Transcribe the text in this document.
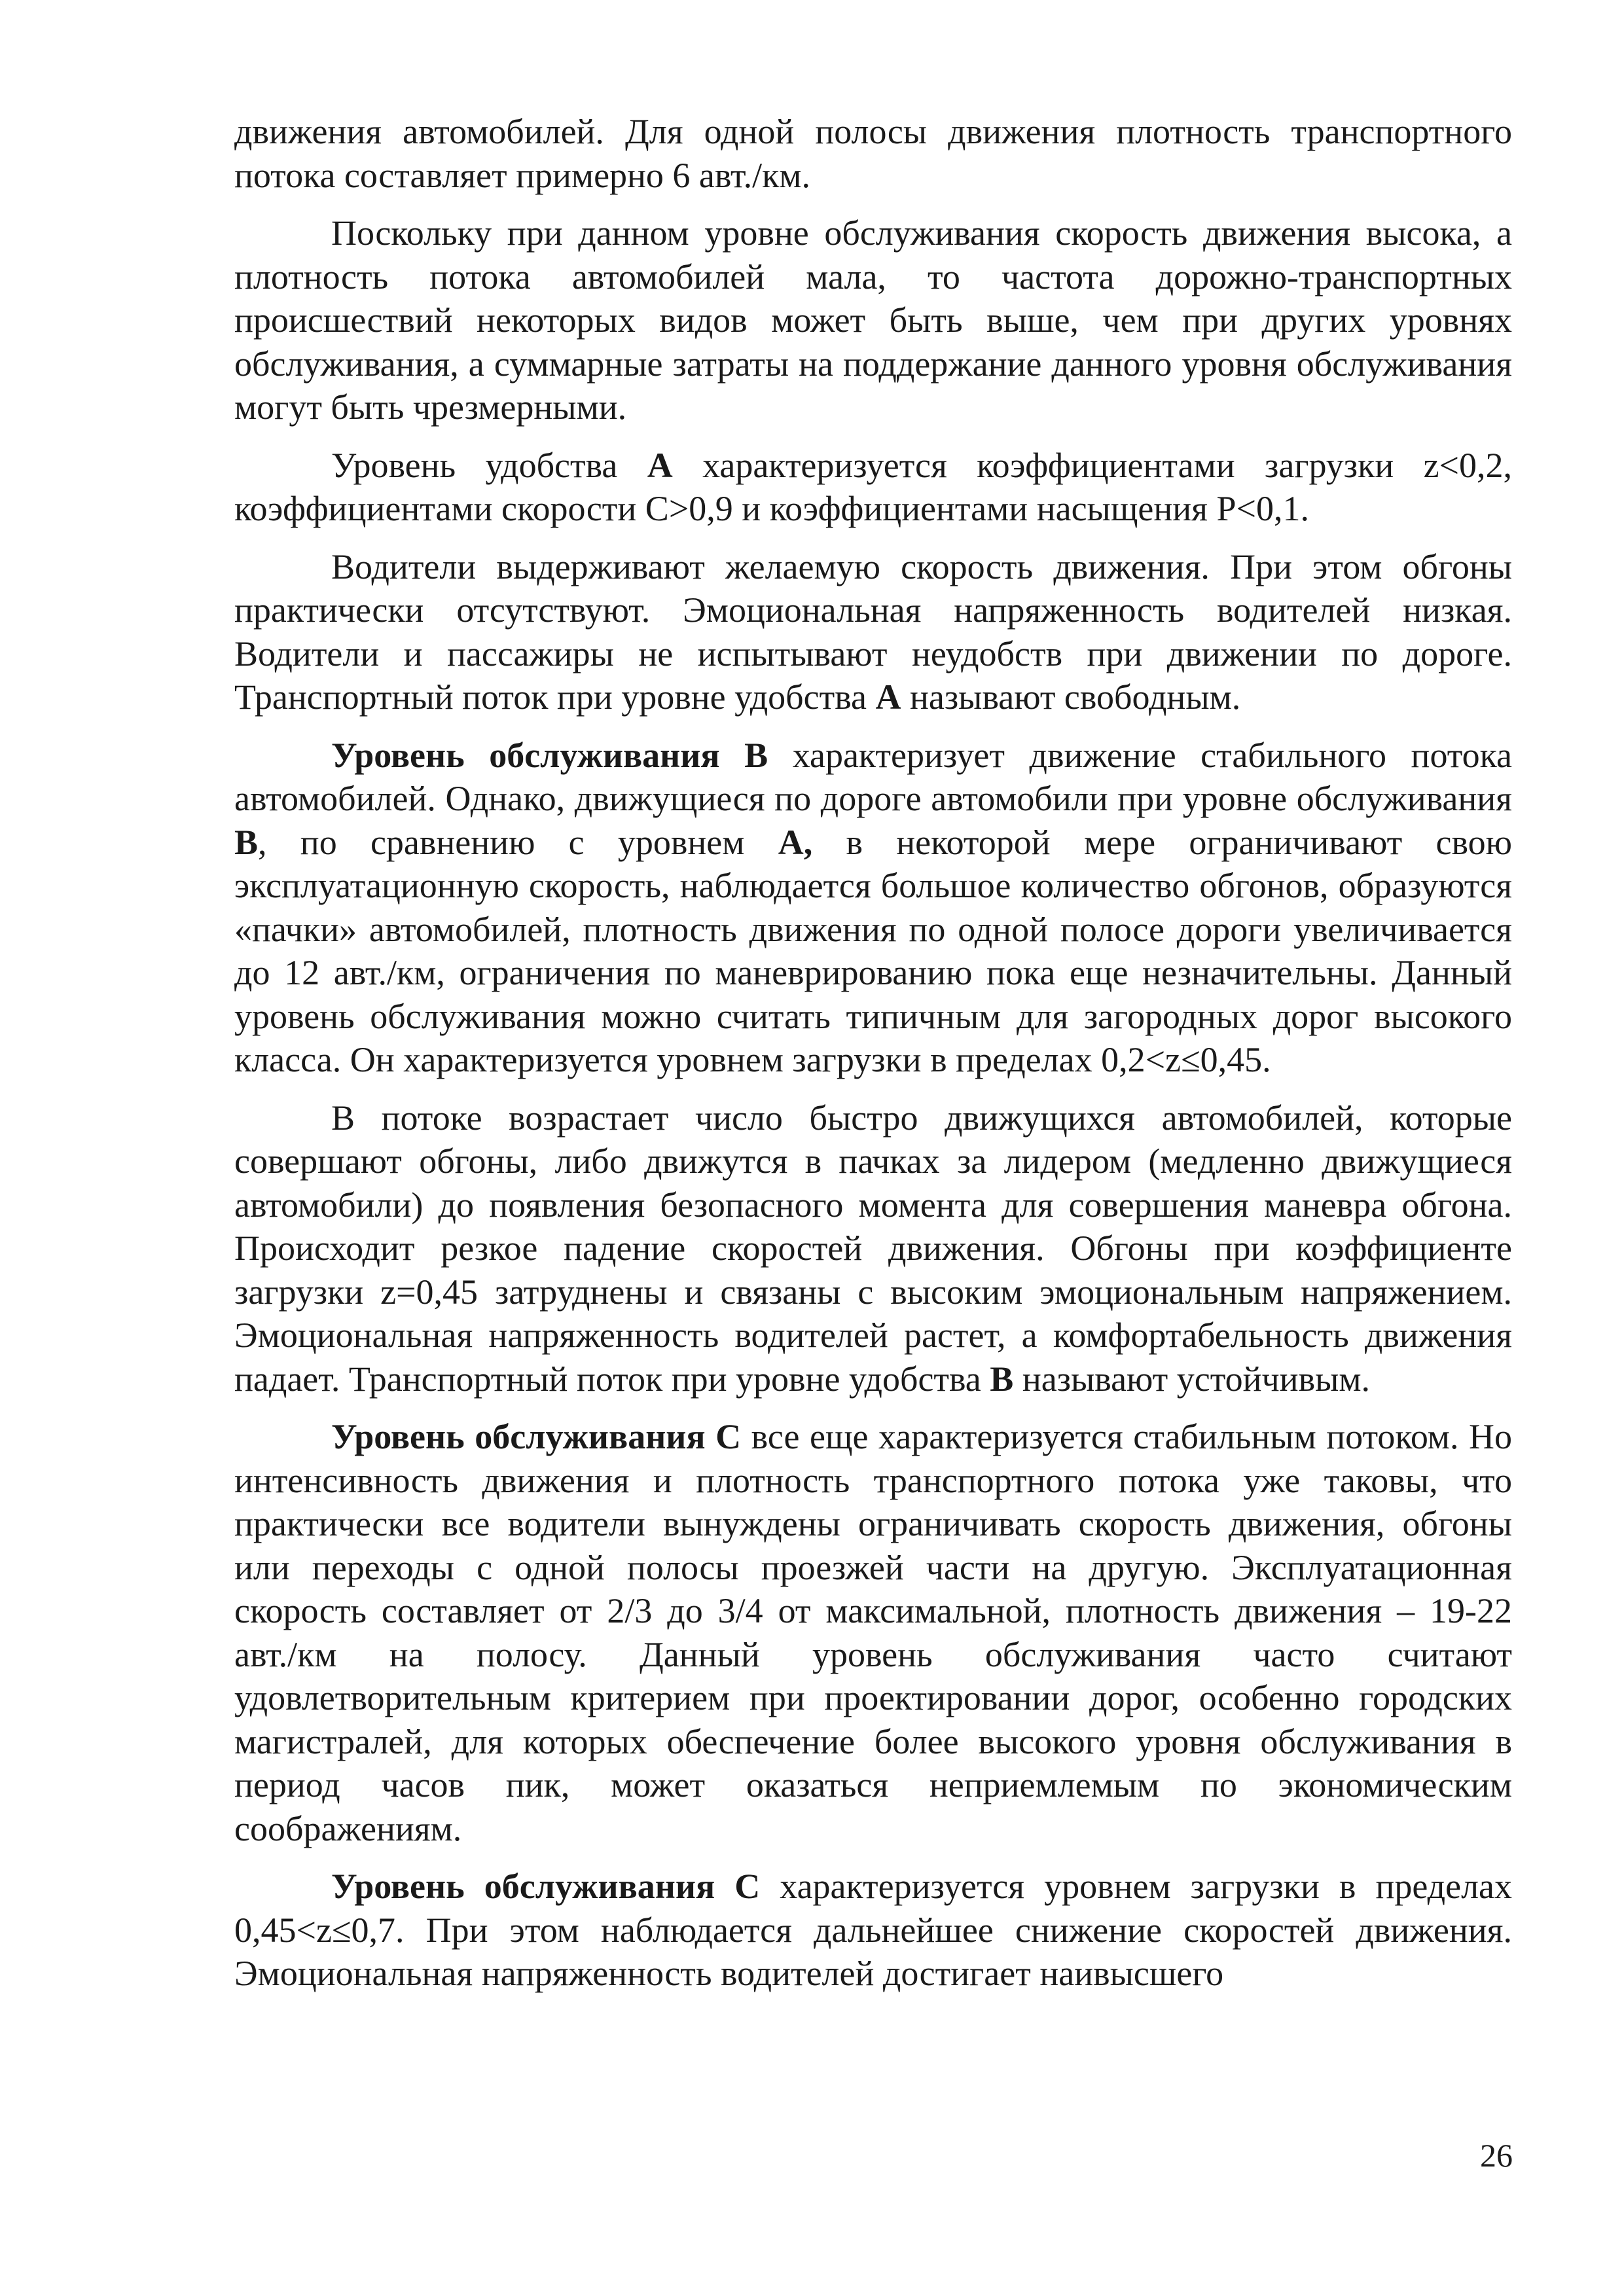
движения автомобилей. Для одной полосы движения плотность транспортного потока составляет примерно 6 авт./км.

Поскольку при данном уровне обслуживания скорость движения высока, а плотность потока автомобилей мала, то частота дорожно-транспортных происшествий некоторых видов может быть выше, чем при других уровнях обслуживания, а суммарные затраты на поддержание данного уровня обслуживания могут быть чрезмерными.

Уровень удобства А характеризуется коэффициентами загрузки z<0,2, коэффициентами скорости C>0,9 и коэффициентами насыщения Р<0,1.

Водители выдерживают желаемую скорость движения. При этом обгоны практически отсутствуют. Эмоциональная напряженность водителей низкая. Водители и пассажиры не испытывают неудобств при движении по дороге. Транспортный поток при уровне удобства А называют свободным.

Уровень обслуживания В характеризует движение стабильного потока автомобилей. Однако, движущиеся по дороге автомобили при уровне обслуживания В, по сравнению с уровнем А, в некоторой мере ограничивают свою эксплуатационную скорость, наблюдается большое количество обгонов, образуются «пачки» автомобилей, плотность движения по одной полосе дороги увеличивается до 12 авт./км, ограничения по маневрированию пока еще незначительны. Данный уровень обслуживания можно считать типичным для загородных дорог высокого класса. Он характеризуется уровнем загрузки в пределах 0,2<z≤0,45.

В потоке возрастает число быстро движущихся автомобилей, которые совершают обгоны, либо движутся в пачках за лидером (медленно движущиеся автомобили) до появления безопасного момента для совершения маневра обгона. Происходит резкое падение скоростей движения. Обгоны при коэффициенте загрузки z=0,45 затруднены и связаны с высоким эмоциональным напряжением. Эмоциональная напряженность водителей растет, а комфортабельность движения падает. Транспортный поток при уровне удобства В называют устойчивым.

Уровень обслуживания С все еще характеризуется стабильным потоком. Но интенсивность движения и плотность транспортного потока уже таковы, что практически все водители вынуждены ограничивать скорость движения, обгоны или переходы с одной полосы проезжей части на другую. Эксплуатационная скорость составляет от 2/3 до 3/4 от максимальной, плотность движения – 19-22 авт./км на полосу. Данный уровень обслуживания часто считают удовлетворительным критерием при проектировании дорог, особенно городских магистралей, для которых обеспечение более высокого уровня обслуживания в период часов пик, может оказаться неприемлемым по экономическим соображениям.

Уровень обслуживания С характеризуется уровнем загрузки в пределах 0,45<z≤0,7. При этом наблюдается дальнейшее снижение скоростей движения. Эмоциональная напряженность водителей достигает наивысшего

26
